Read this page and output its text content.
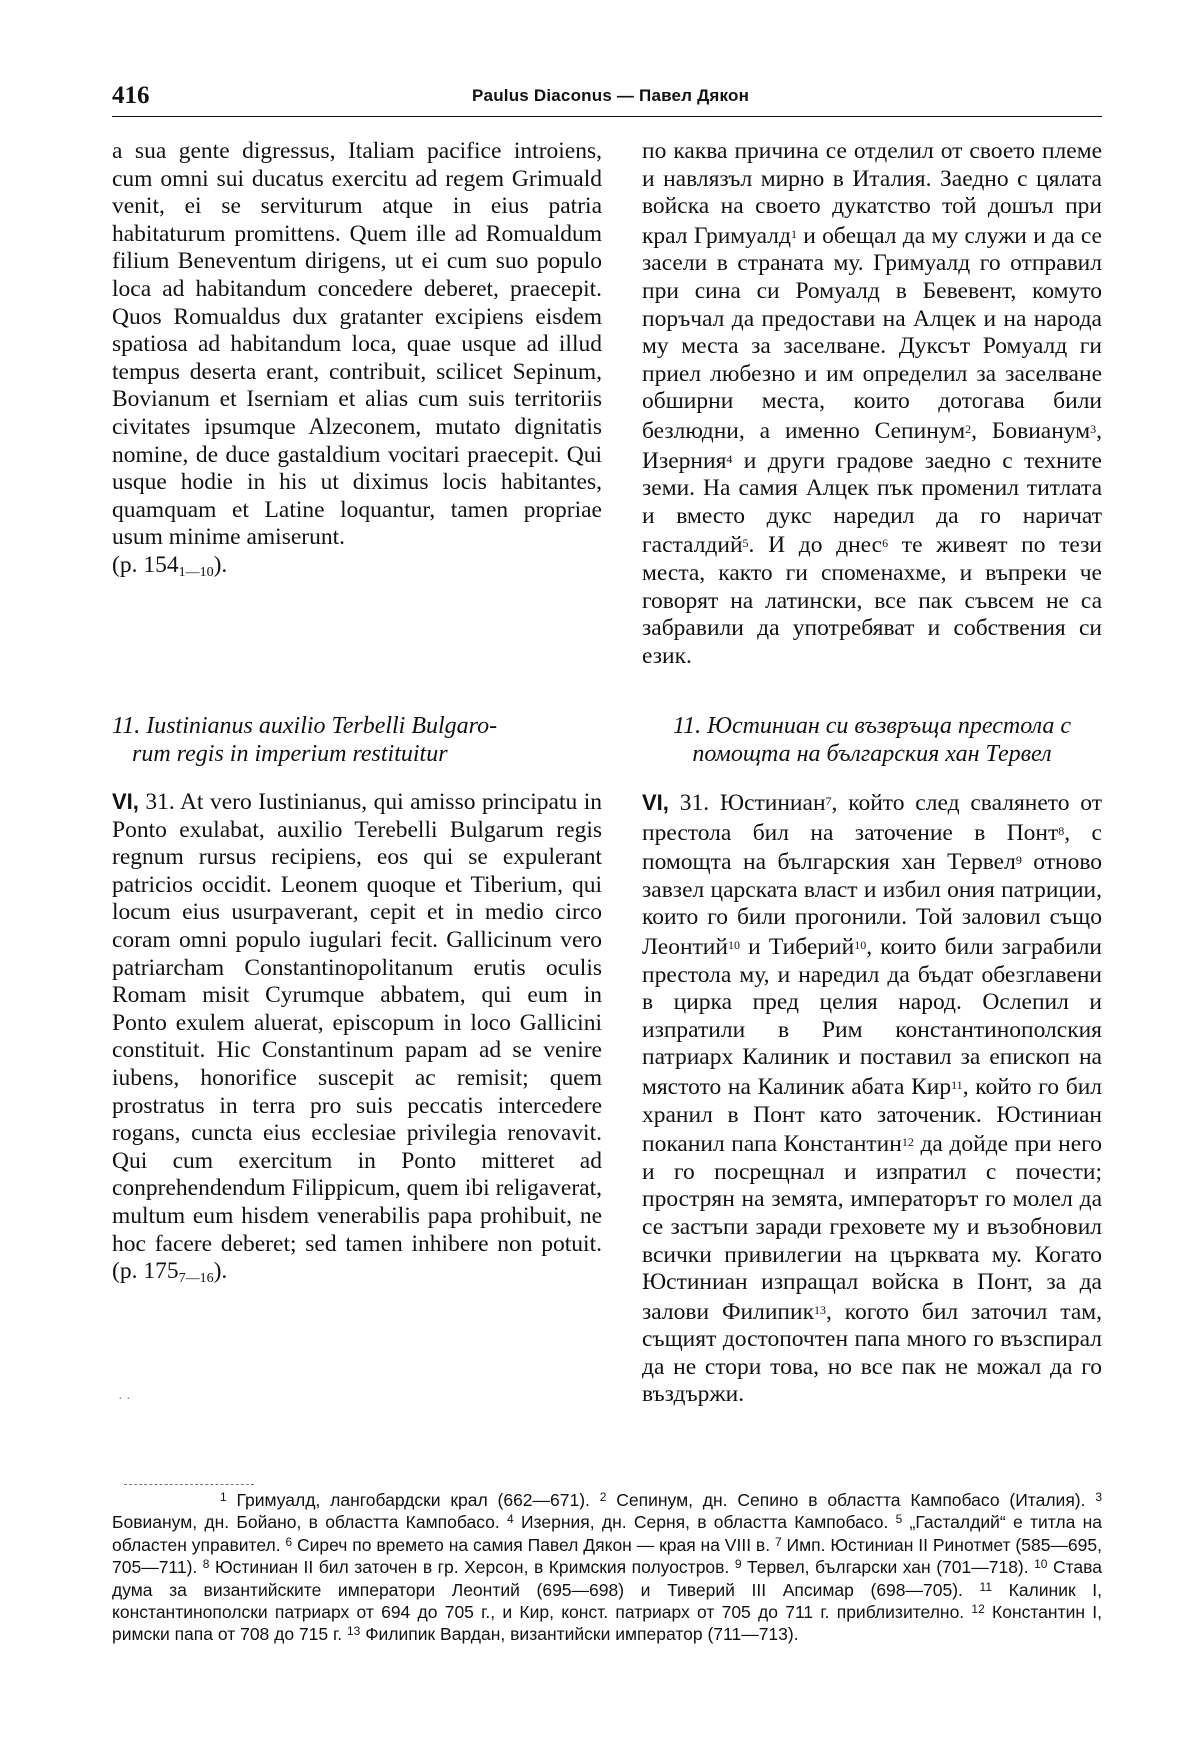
416	Paulus Diaconus — Павел Дякон

a sua gente digressus, Italiam pacifice introiens, cum omni sui ducatus exercitu ad regem Grimuald venit, ei se serviturum atque in eius patria habitaturum promittens. Quem ille ad Romualdum filium Beneventum dirigens, ut ei cum suo populo loca ad habitandum concedere deberet, praecepit. Quos Romualdus dux gratanter excipiens eisdem spatiosa ad habitandum loca, quae usque ad illud tempus deserta erant, contribuit, scilicet Sepinum, Bovianum et Iserniam et alias cum suis territoriis civitates ipsumque Alzeconem, mutato dignitatis nomine, de duce gastaldium vocitari praecepit. Qui usque hodie in his ut diximus locis habitantes, quamquam et Latine loquantur, tamen propriae usum minime amiserunt.
(p. $154_{1—10}$).

по каква причина се отделил от своето племе и навлязъл мирно в Италия. Заедно с цялата войска на своето дукатство той дошъл при крал Гримуалд$^1$ и обещал да му служи и да се засели в страната му. Гримуалд го отправил при сина си Ромуалд в Бевевент, комуто поръчал да предостави на Алцек и на народа му места за заселване. Дуксът Ромуалд ги приел любезно и им определил за заселване обширни места, които дотогава били безлюдни, а именно Сепинум$^2$, Бовианум$^3$, Изерния$^4$ и други градове заедно с техните земи. На самия Алцек пък променил титлата и вместо дукс наредил да го наричат гасталдий$^5$. И до днес$^6$ те живеят по тези места, както ги споменахме, и въпреки че говорят на латински, все пак съвсем не са забравили да употребяват и собствения си език.

11. Iustinianus auxilio Terbelli Bulgaro-
rum regis in imperium restituitur
11. Юстиниан си възвръща престола с
помощта на българския хан Тервел

VI, 31. At vero Iustinianus, qui amisso principatu in Ponto exulabat, auxilio Terebelli Bulgarum regis regnum rursus recipiens, eos qui se expulerant patricios occidit. Leonem quoque et Tiberium, qui locum eius usurpaverant, cepit et in medio circo coram omni populo iugulari fecit. Gallicinum vero patriarcham Constantinopolitanum erutis oculis Romam misit Cyrumque abbatem, qui eum in Ponto exulem aluerat, episcopum in loco Gallicini constituit. Hic Constantinum papam ad se venire iubens, honorifice suscepit ac remisit; quem prostratus in terra pro suis peccatis intercedere rogans, cuncta eius ecclesiae privilegia renovavit. Qui cum exercitum in Ponto mitteret ad conprehendendum Filippicum, quem ibi religaverat, multum eum hisdem venerabilis papa prohibuit, ne hoc facere deberet; sed tamen inhibere non potuit. (p. $175_{7—16}$).

VI, 31. Юстиниан$^7$, който след свалянето от престола бил на заточение в Понт$^8$, с помощта на българския хан Тервел$^9$ отново завзел царската власт и избил ония патриции, които го били прогонили. Той заловил също Леонтий$^{10}$ и Тиберий$^{10}$, които били заграбили престола му, и наредил да бъдат обезглавени в цирка пред целия народ. Ослепил и изпратили в Рим константинополския патриарх Калиник и поставил за епископ на мястото на Калиник абата Кир$^{11}$, който го бил хранил в Понт като заточеник. Юстиниан поканил папа Константин$^{12}$ да дойде при него и го посрещнал и изпратил с почести; прострян на земята, императорът го молел да се застъпи заради греховете му и възобновил всички привилегии на църквата му. Когато Юстиниан изпращал войска в Понт, за да залови Филипик$^{13}$, когото бил заточил там, същият достопочтен папа много го възспирал да не стори това, но все пак не можал да го въздържи.

· ·

$^1$ Гримуалд, лангобардски крал (662—671). $^2$ Сепинум, дн. Сепино в областта Кампобасо (Италия). $^3$ Бовианум, дн. Бойано, в областта Кампобасо. $^4$ Изерния, дн. Серня, в областта Кампобасо. $^5$ „Гасталдий“ е титла на областен управител. $^6$ Сиреч по времето на самия Павел Дякон — края на VIII в. $^7$ Имп. Юстиниан II Ринотмет (585—695, 705—711). $^8$ Юстиниан II бил заточен в гр. Херсон, в Кримския полуостров. $^9$ Тервел, български хан (701—718). $^{10}$ Става дума за византийските императори Леонтий (695—698) и Тиверий III Апсимар (698—705). $^{11}$ Калиник I, константинополски патриарх от 694 до 705 г., и Кир, конст. патриарх от 705 до 711 г. приблизително. $^{12}$ Константин I, римски папа от 708 до 715 г. $^{13}$ Филипик Вардан, византийски император (711—713).
